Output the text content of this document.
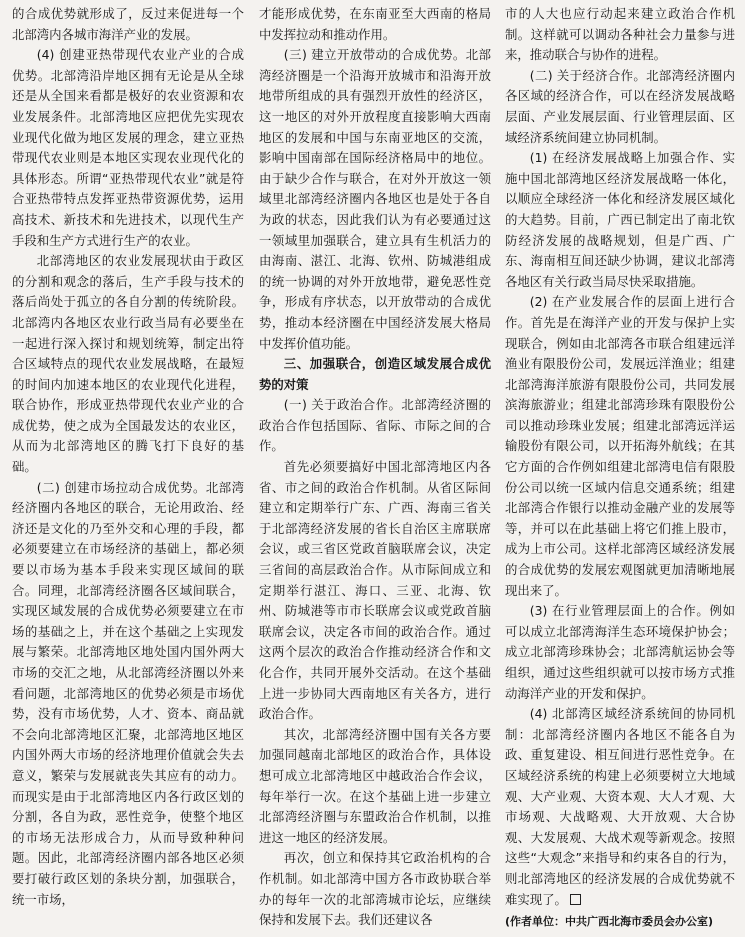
的合成优势就形成了，反过来促进每一个北部湾内各城市海洋产业的发展。

(4) 创建亚热带现代农业产业的合成优势。北部湾沿岸地区拥有无论是从全球还是从全国来看都是极好的农业资源和农业发展条件。北部湾地区应把优先实现农业现代化做为地区发展的理念，建立亚热带现代农业则是本地区实现农业现代化的具体形态。所谓“亚热带现代农业”就是符合亚热带特点发挥亚热带资源优势，运用高技术、新技术和先进技术，以现代生产手段和生产方式进行生产的农业。

北部湾地区的农业发展现状由于政区的分割和观念的落后，生产手段与技术的落后尚处于孤立的各自分割的传统阶段。北部湾内各地区农业行政当局有必要坐在一起进行深入探讨和规划统筹，制定出符合区域特点的现代农业发展战略，在最短的时间内加速本地区的农业现代化进程，联合协作，形成亚热带现代农业产业的合成优势，使之成为全国最发达的农业区，从而为北部湾地区的腾飞打下良好的基础。

(二) 创建市场拉动合成优势。北部湾经济圈内各地区的联合，无论用政治、经济还是文化的乃至外交和心理的手段，都必须要建立在市场经济的基础上，都必须要以市场为基本手段来实现区域间的联合。同理，北部湾经济圈各区域间联合，实现区域发展的合成优势必须要建立在市场的基础之上，并在这个基础之上实现发展与繁荣。北部湾地区地处国内国外两大市场的交汇之地，从北部湾经济圈以外来看问题，北部湾地区的优势必须是市场优势，没有市场优势，人才、资本、商品就不会向北部湾地区汇聚，北部湾地区地区内国外两大市场的经济地理价值就会失去意义，繁荣与发展就丧失其应有的动力。而现实是由于北部湾地区内各行政区划的分割，各自为政，恶性竞争，使整个地区的市场无法形成合力，从而导致种种问题。因此，北部湾经济圈内部各地区必须要打破行政区划的条块分割，加强联合，统一市场，

才能形成优势，在东南亚至大西南的格局中发挥拉动和推动作用。

(三) 建立开放带动的合成优势。北部湾经济圈是一个沿海开放城市和沿海开放地带所组成的具有强烈开放性的经济区，这一地区的对外开放程度直接影响大西南地区的发展和中国与东南亚地区的交流，影响中国南部在国际经济格局中的地位。由于缺少合作与联合，在对外开放这一领域里北部湾经济圈内各地区也是处于各自为政的状态，因此我们认为有必要通过这一领域里加强联合，建立具有生机活力的由海南、湛江、北海、钦州、防城港组成的统一协调的对外开放地带，避免恶性竞争，形成有序状态，以开放带动的合成优势，推动本经济圈在中国经济发展大格局中发挥价值功能。

三、加强联合，创造区域发展合成优势的对策

(一) 关于政治合作。北部湾经济圈的政治合作包括国际、省际、市际之间的合作。

首先必须要搞好中国北部湾地区内各省、市之间的政治合作机制。从省区际间建立和定期举行广东、广西、海南三省关于北部湾经济发展的省长自治区主席联席会议，或三省区党政首脑联席会议，决定三省间的高层政治合作。从市际间成立和定期举行湛江、海口、三亚、北海、钦州、防城港等市市长联席会议或党政首脑联席会议，决定各市间的政治合作。通过这两个层次的政治合作推动经济合作和文化合作，共同开展外交活动。在这个基础上进一步协同大西南地区有关各方，进行政治合作。

其次，北部湾经济圈中国有关各方要加强同越南北部地区的政治合作，具体设想可成立北部湾地区中越政治合作会议，每年举行一次。在这个基础上进一步建立北部湾经济圈与东盟政治合作机制，以推进这一地区的经济发展。

再次，创立和保持其它政治机构的合作机制。如北部湾中国方各市政协联合举办的每年一次的北部湾城市论坛，应继续保持和发展下去。我们还建议各

市的人大也应行动起来建立政治合作机制。这样就可以调动各种社会力量参与进来，推动联合与协作的进程。

(二) 关于经济合作。北部湾经济圈内各区域的经济合作，可以在经济发展战略层面、产业发展层面、行业管理层面、区域经济系统间建立协同机制。

(1) 在经济发展战略上加强合作、实施中国北部湾地区经济发展战略一体化，以顺应全球经济一体化和经济发展区域化的大趋势。目前，广西已制定出了南北钦防经济发展的战略规划，但是广西、广东、海南相互间还缺少协调，建议北部湾各地区有关行政当局尽快采取措施。

(2) 在产业发展合作的层面上进行合作。首先是在海洋产业的开发与保护上实现联合，例如由北部湾各市联合组建远洋渔业有限股份公司，发展远洋渔业；组建北部湾海洋旅游有限股份公司，共同发展滨海旅游业；组建北部湾珍珠有限股份公司以推动珍珠业发展；组建北部湾远洋运输股份有限公司，以开拓海外航线；在其它方面的合作例如组建北部湾电信有限股份公司以统一区域内信息交通系统；组建北部湾合作银行以推动金融产业的发展等等，并可以在此基础上将它们推上股市，成为上市公司。这样北部湾区域经济发展的合成优势的发展宏观图就更加清晰地展现出来了。

(3) 在行业管理层面上的合作。例如可以成立北部湾海洋生态环境保护协会；成立北部湾珍珠协会；北部湾航运协会等组织，通过这些组织就可以按市场方式推动海洋产业的开发和保护。

(4) 北部湾区域经济系统间的协同机制：北部湾经济圈内各地区不能各自为政、重复建设、相互间进行恶性竞争。在区域经济系统的构建上必须要树立大地域观、大产业观、大资本观、大人才观、大市场观、大战略观、大开放观、大合协观、大发展观、大战术观等新观念。按照这些“大观念”来指导和约束各自的行为，则北部湾地区的经济发展的合成优势就不难实现了。

(作者单位：中共广西北海市委员会办公室)
